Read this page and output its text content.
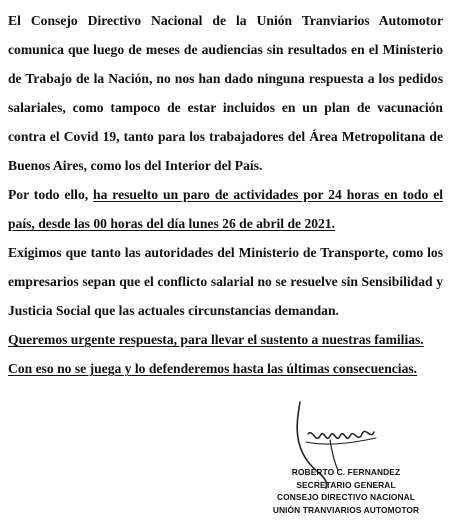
El Consejo Directivo Nacional de la Unión Tranviarios Automotor comunica que luego de meses de audiencias sin resultados en el Ministerio de Trabajo de la Nación, no nos han dado ninguna respuesta a los pedidos salariales, como tampoco de estar incluidos en un plan de vacunación contra el Covid 19, tanto para los trabajadores del Área Metropolitana de Buenos Aires, como los del Interior del País.

Por todo ello, ha resuelto un paro de actividades por 24 horas en todo el país, desde las 00 horas del día lunes 26 de abril de 2021.

Exigimos que tanto las autoridades del Ministerio de Transporte, como los empresarios sepan que el conflicto salarial no se resuelve sin Sensibilidad y Justicia Social que las actuales circunstancias demandan.

Queremos urgente respuesta, para llevar el sustento a nuestras familias.

Con eso no se juega y lo defenderemos hasta las últimas consecuencias.

ROBERTO C. FERNANDEZ
SECRETARIO GENERAL
CONSEJO DIRECTIVO NACIONAL
UNIÓN TRANVIARIOS AUTOMOTOR
